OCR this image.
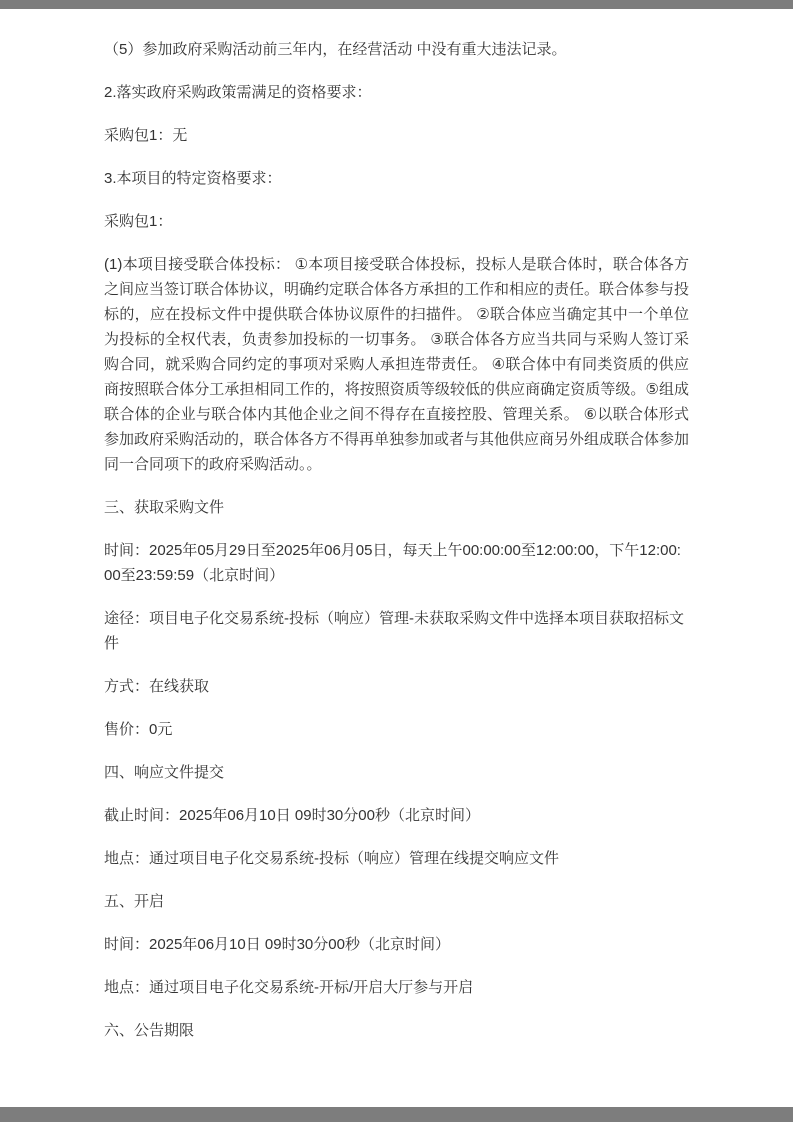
（5）参加政府采购活动前三年内，在经营活动 中没有重大违法记录。

2.落实政府采购政策需满足的资格要求：

采购包1：无

3.本项目的特定资格要求：

采购包1：

(1)本项目接受联合体投标： ①本项目接受联合体投标，投标人是联合体时，联合体各方之间应当签订联合体协议，明确约定联合体各方承担的工作和相应的责任。联合体参与投标的，应在投标文件中提供联合体协议原件的扫描件。 ②联合体应当确定其中一个单位为投标的全权代表，负责参加投标的一切事务。 ③联合体各方应当共同与采购人签订采购合同，就采购合同约定的事项对采购人承担连带责任。 ④联合体中有同类资质的供应商按照联合体分工承担相同工作的，将按照资质等级较低的供应商确定资质等级。⑤组成联合体的企业与联合体内其他企业之间不得存在直接控股、管理关系。 ⑥以联合体形式参加政府采购活动的，联合体各方不得再单独参加或者与其他供应商另外组成联合体参加同一合同项下的政府采购活动。。

三、获取采购文件

时间：2025年05月29日至2025年06月05日，每天上午00:00:00至12:00:00，下午12:00:00至23:59:59（北京时间）

途径：项目电子化交易系统-投标（响应）管理-未获取采购文件中选择本项目获取招标文件

方式：在线获取

售价：0元

四、响应文件提交

截止时间：2025年06月10日 09时30分00秒（北京时间）

地点：通过项目电子化交易系统-投标（响应）管理在线提交响应文件

五、开启

时间：2025年06月10日 09时30分00秒（北京时间）

地点：通过项目电子化交易系统-开标/开启大厅参与开启

六、公告期限
